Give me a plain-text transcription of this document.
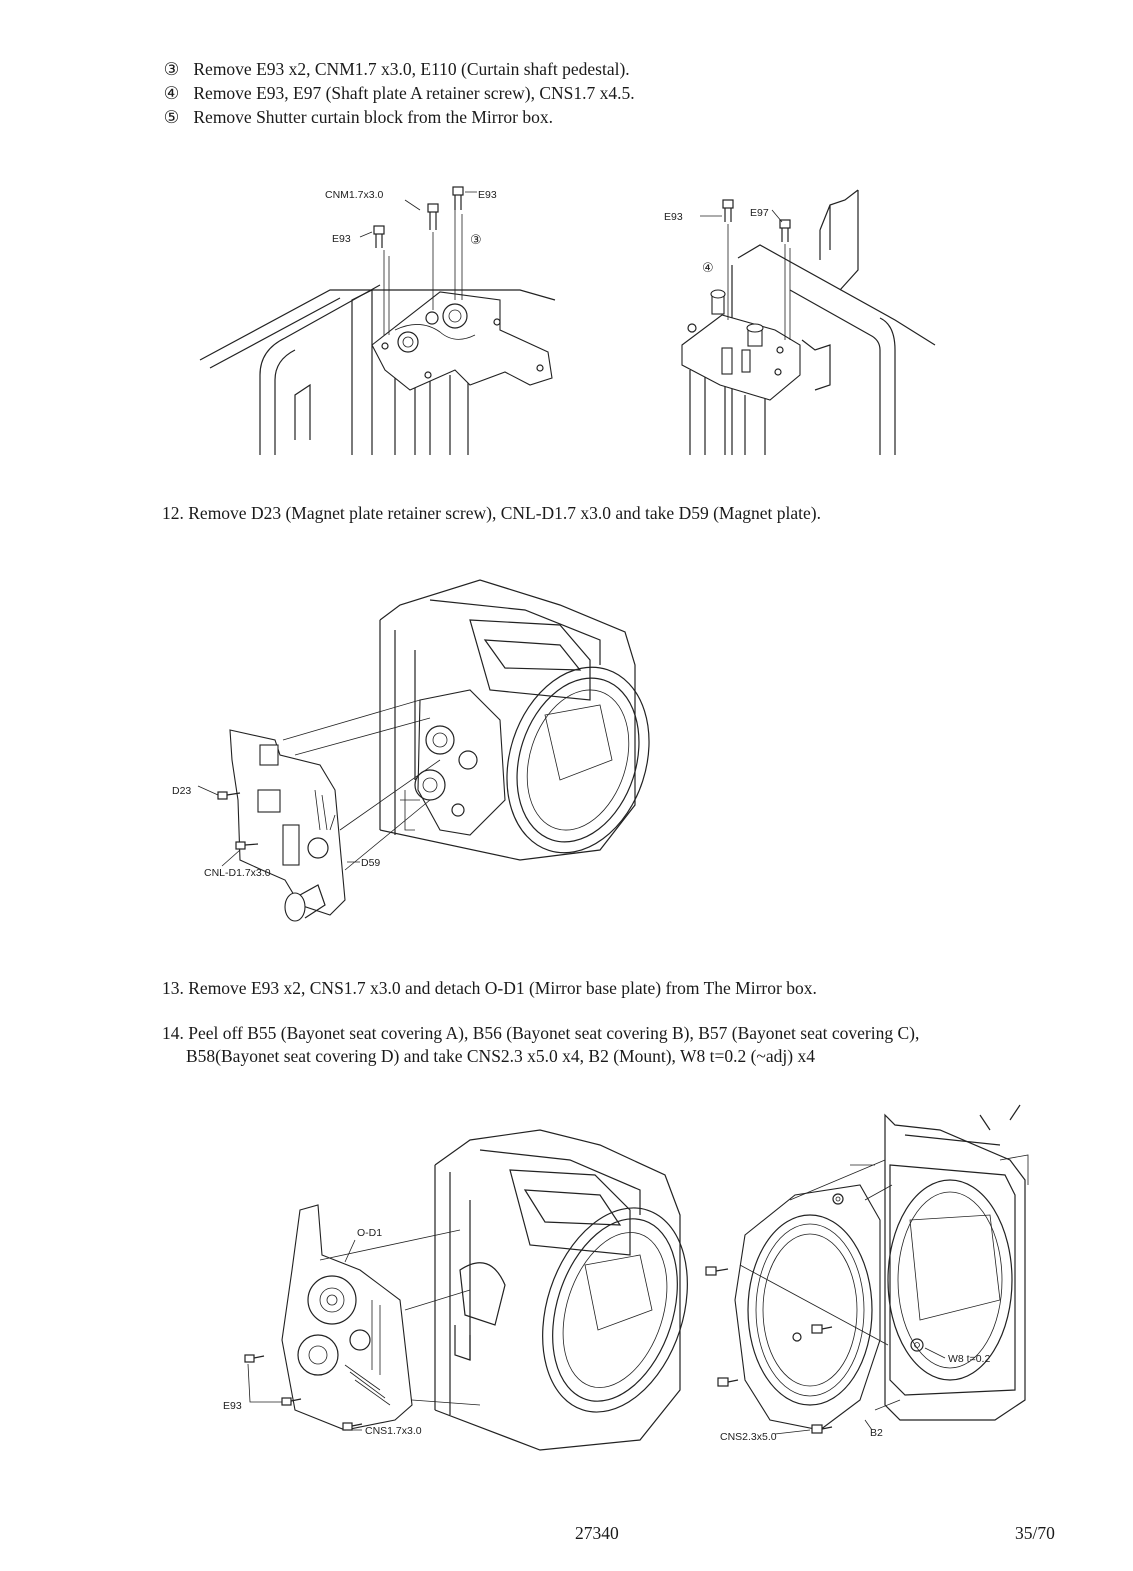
③ Remove E93 x2, CNM1.7 x3.0, E110 (Curtain shaft pedestal).
④ Remove E93, E97 (Shaft plate A retainer screw), CNS1.7 x4.5.
⑤ Remove Shutter curtain block from the Mirror box.
12. Remove D23 (Magnet plate retainer screw), CNL-D1.7 x3.0 and take D59 (Magnet plate).
13. Remove E93 x2, CNS1.7 x3.0 and detach O-D1 (Mirror base plate) from The Mirror box.
14. Peel off B55 (Bayonet seat covering A), B56 (Bayonet seat covering B), B57 (Bayonet seat covering C),
B58(Bayonet seat covering D) and take CNS2.3 x5.0 x4, B2 (Mount), W8 t=0.2 (~adj) x4
27340	35/70
CNM1.7x3.0	E93
E93	③
E93	E97
④
D23
CNL-D1.7x3.0
D59
O-D1
E93
CNS1.7x3.0
W8 t=0.2
CNS2.3x5.0	B2
